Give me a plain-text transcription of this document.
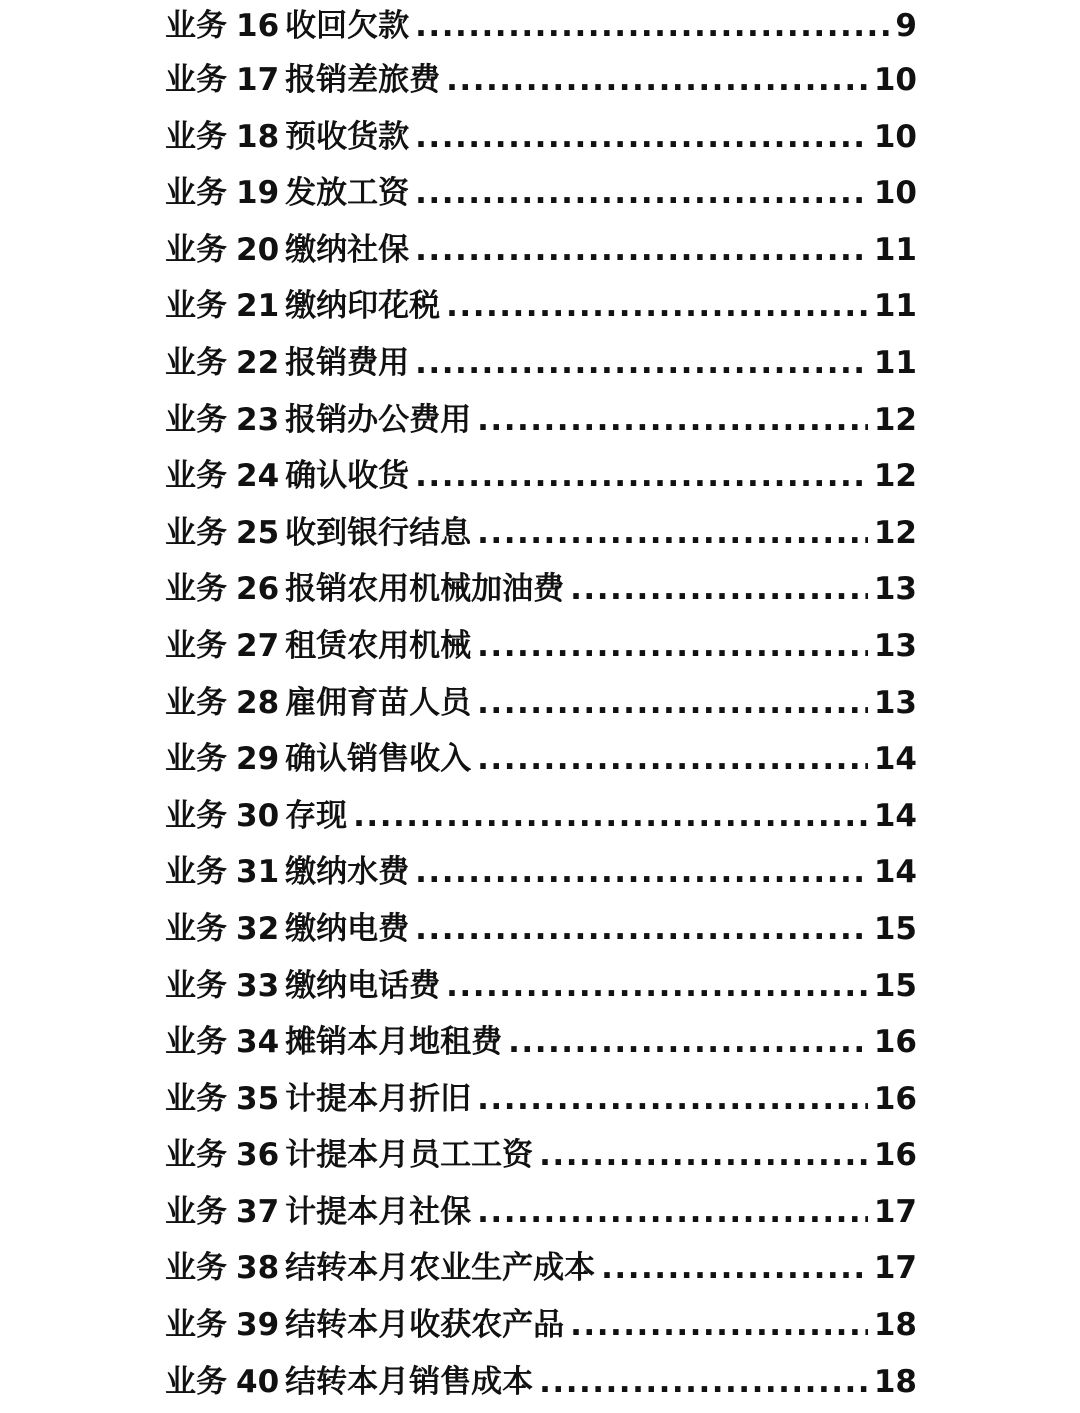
业务 16 收回欠款 .....	9
业务 17 报销差旅费 .....	10
业务 18 预收货款 .....	10
业务 19 发放工资 .....	10
业务 20 缴纳社保 .....	11
业务 21 缴纳印花税 .....	11
业务 22 报销费用 .....	11
业务 23 报销办公费用 .....	12
业务 24 确认收货 .....	12
业务 25 收到银行结息 .....	12
业务 26 报销农用机械加油费 .....	13
业务 27 租赁农用机械 .....	13
业务 28 雇佣育苗人员 .....	13
业务 29 确认销售收入 .....	14
业务 30 存现 .....	14
业务 31 缴纳水费 .....	14
业务 32 缴纳电费 .....	15
业务 33 缴纳电话费 .....	15
业务 34 摊销本月地租费 .....	16
业务 35 计提本月折旧 .....	16
业务 36 计提本月员工工资 .....	16
业务 37 计提本月社保 .....	17
业务 38 结转本月农业生产成本 .....	17
业务 39 结转本月收获农产品 .....	18
业务 40 结转本月销售成本 .....	18
